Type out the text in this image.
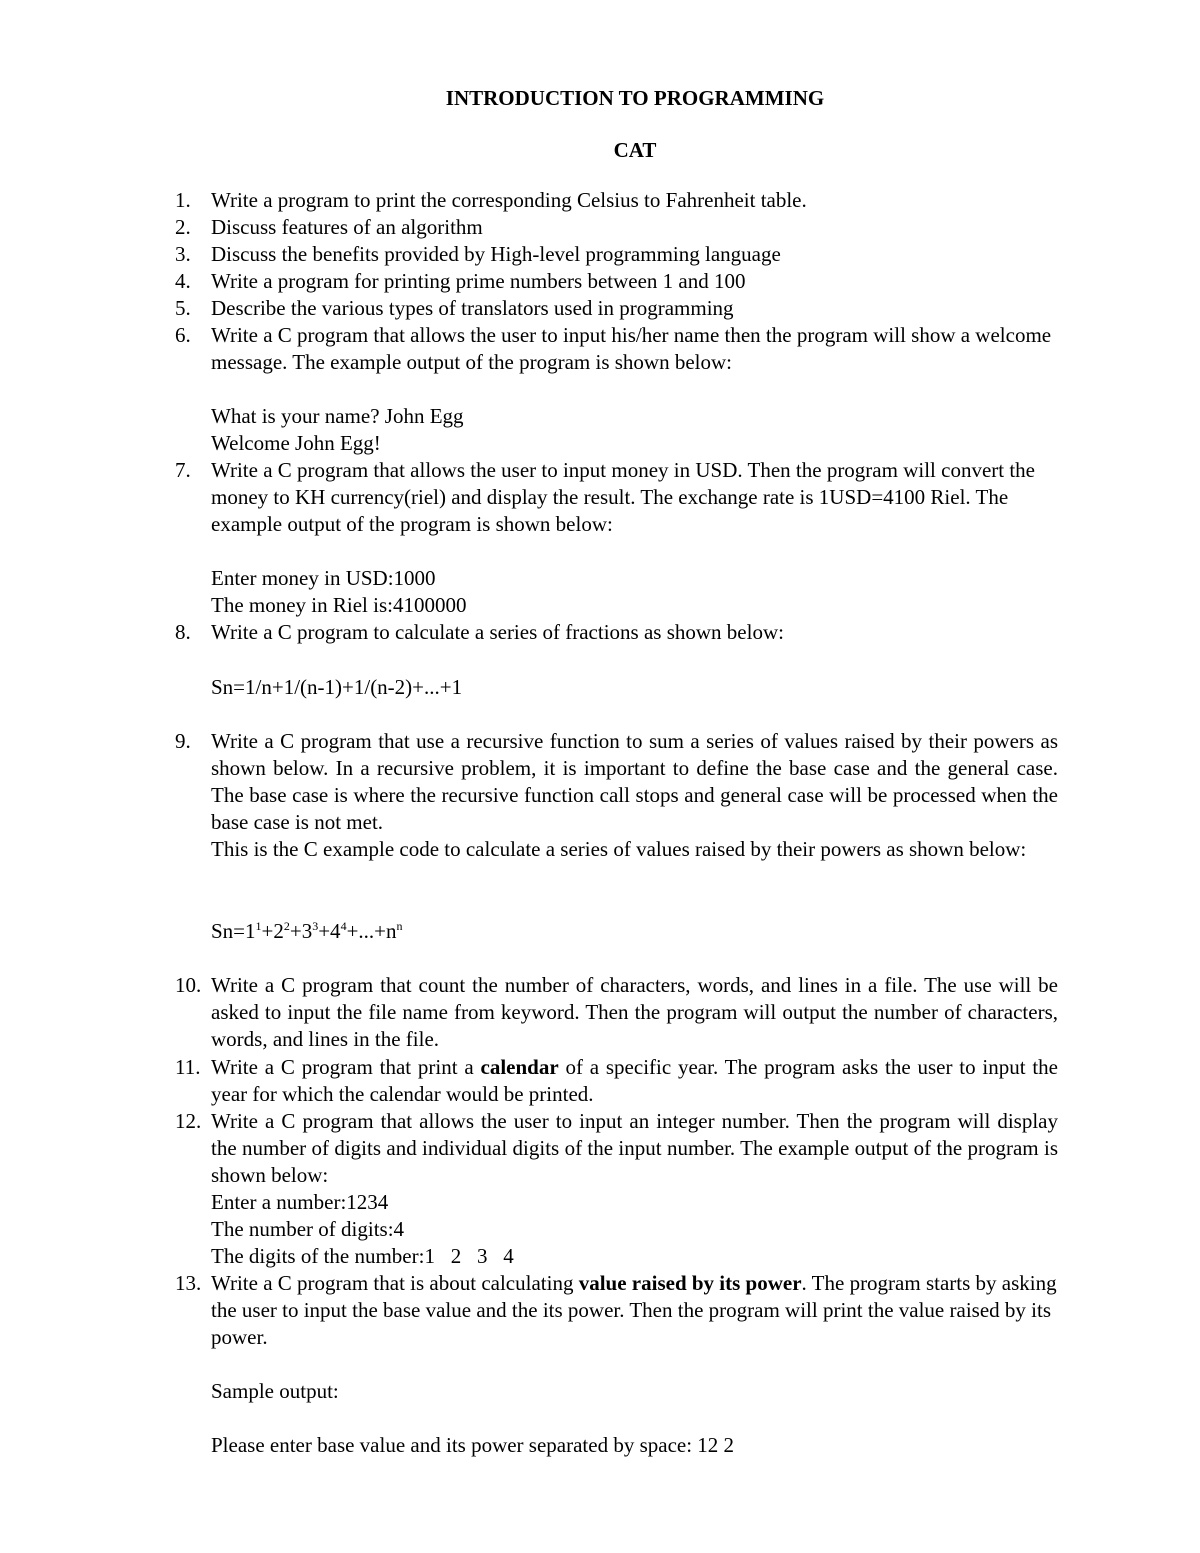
INTRODUCTION TO PROGRAMMING
CAT
1. Write a program to print the corresponding Celsius to Fahrenheit table.
2. Discuss features of an algorithm
3. Discuss the benefits provided by High-level programming language
4. Write a program for printing prime numbers between 1 and 100
5. Describe the various types of translators used in programming
6. Write a C program that allows the user to input his/her name then the program will show a welcome message. The example output of the program is shown below:
What is your name? John Egg
Welcome John Egg!
7. Write a C program that allows the user to input money in USD. Then the program will convert the money to KH currency(riel) and display the result. The exchange rate is 1USD=4100 Riel. The example output of the program is shown below:
Enter money in USD:1000
The money in Riel is:4100000
8. Write a C program to calculate a series of fractions as shown below:
Sn=1/n+1/(n-1)+1/(n-2)+...+1
9. Write a C program that use a recursive function to sum a series of values raised by their powers as shown below. In a recursive problem, it is important to define the base case and the general case. The base case is where the recursive function call stops and general case will be processed when the base case is not met.
This is the C example code to calculate a series of values raised by their powers as shown below:
$Sn=1^1+2^2+3^3+4^4+...+n^n$
10. Write a C program that count the number of characters, words, and lines in a file. The use will be asked to input the file name from keyword. Then the program will output the number of characters, words, and lines in the file.
11. Write a C program that print a calendar of a specific year. The program asks the user to input the year for which the calendar would be printed.
12. Write a C program that allows the user to input an integer number. Then the program will display the number of digits and individual digits of the input number. The example output of the program is shown below:
Enter a number:1234
The number of digits:4
The digits of the number:1   2   3   4
13. Write a C program that is about calculating value raised by its power. The program starts by asking the user to input the base value and the its power. Then the program will print the value raised by its power.
Sample output:
Please enter base value and its power separated by space: 12 2
